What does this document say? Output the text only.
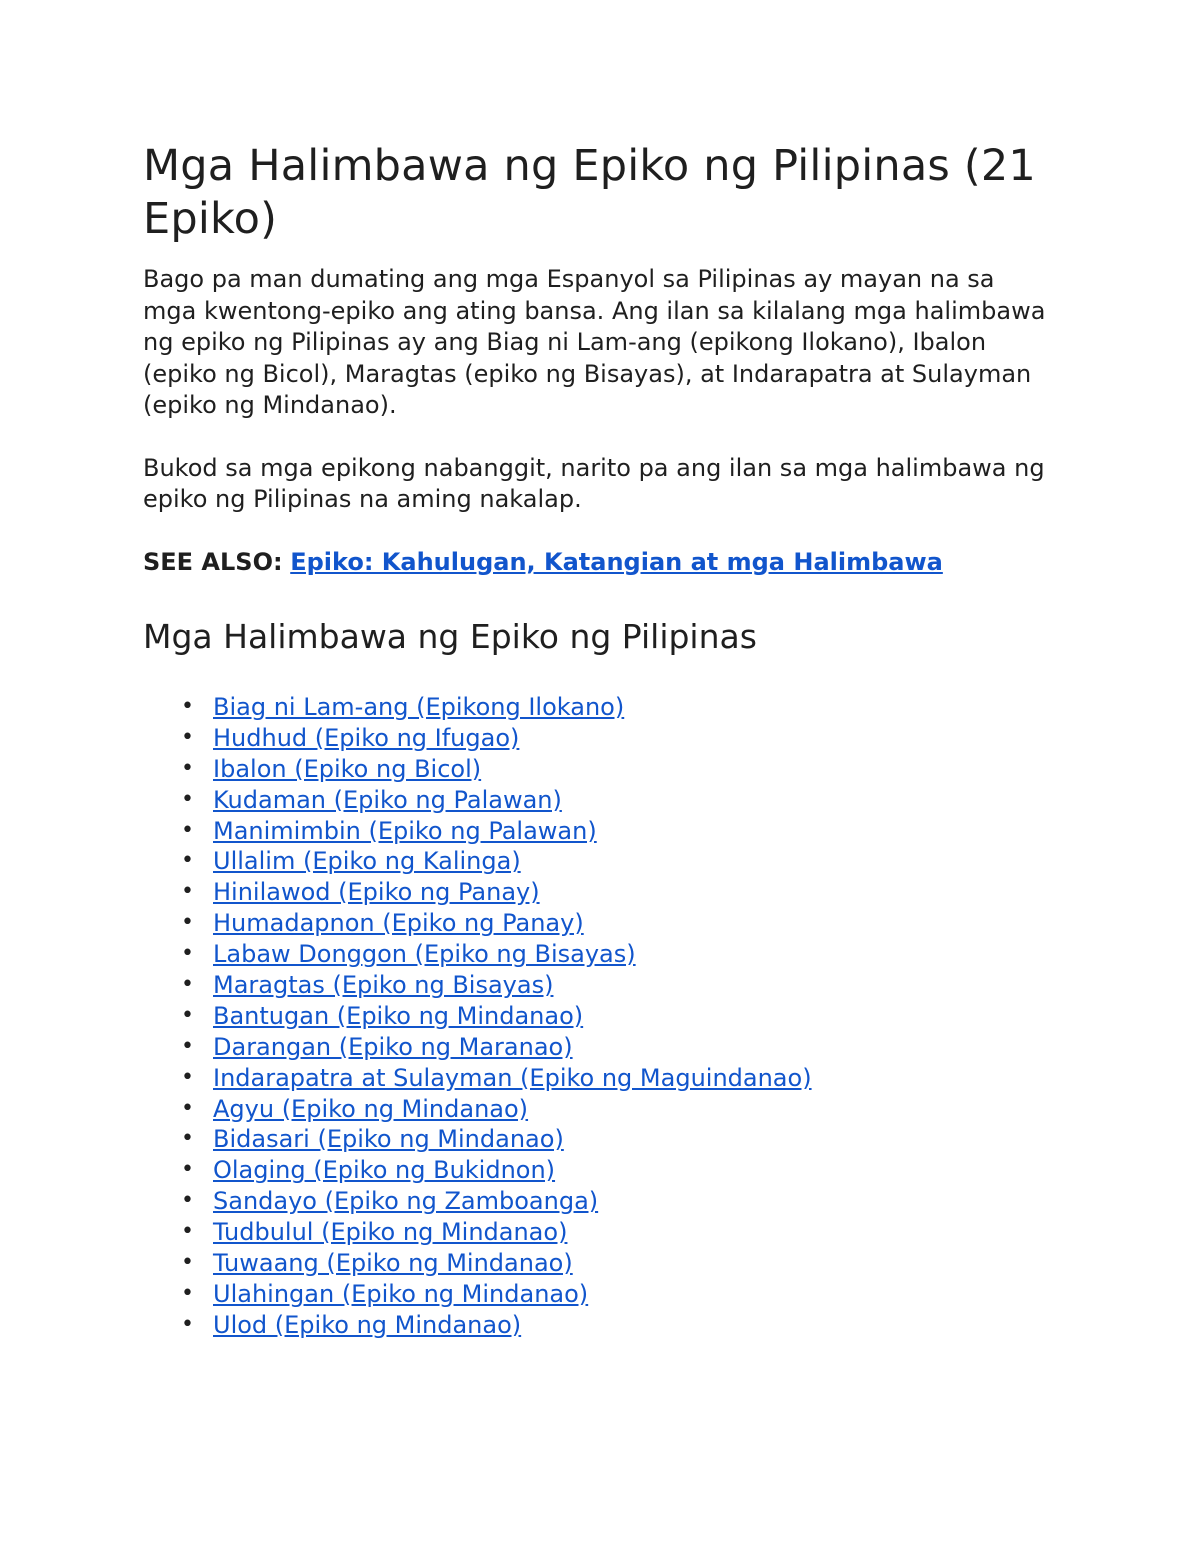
Mga Halimbawa ng Epiko ng Pilipinas (21 Epiko)

Bago pa man dumating ang mga Espanyol sa Pilipinas ay mayan na sa mga kwentong-epiko ang ating bansa. Ang ilan sa kilalang mga halimbawa ng epiko ng Pilipinas ay ang Biag ni Lam-ang (epikong Ilokano), Ibalon (epiko ng Bicol), Maragtas (epiko ng Bisayas), at Indarapatra at Sulayman (epiko ng Mindanao).

Bukod sa mga epikong nabanggit, narito pa ang ilan sa mga halimbawa ng epiko ng Pilipinas na aming nakalap.

SEE ALSO: Epiko: Kahulugan, Katangian at mga Halimbawa

Mga Halimbawa ng Epiko ng Pilipinas
• Biag ni Lam-ang (Epikong Ilokano)
• Hudhud (Epiko ng Ifugao)
• Ibalon (Epiko ng Bicol)
• Kudaman (Epiko ng Palawan)
• Manimimbin (Epiko ng Palawan)
• Ullalim (Epiko ng Kalinga)
• Hinilawod (Epiko ng Panay)
• Humadapnon (Epiko ng Panay)
• Labaw Donggon (Epiko ng Bisayas)
• Maragtas (Epiko ng Bisayas)
• Bantugan (Epiko ng Mindanao)
• Darangan (Epiko ng Maranao)
• Indarapatra at Sulayman (Epiko ng Maguindanao)
• Agyu (Epiko ng Mindanao)
• Bidasari (Epiko ng Mindanao)
• Olaging (Epiko ng Bukidnon)
• Sandayo (Epiko ng Zamboanga)
• Tudbulul (Epiko ng Mindanao)
• Tuwaang (Epiko ng Mindanao)
• Ulahingan (Epiko ng Mindanao)
• Ulod (Epiko ng Mindanao)
